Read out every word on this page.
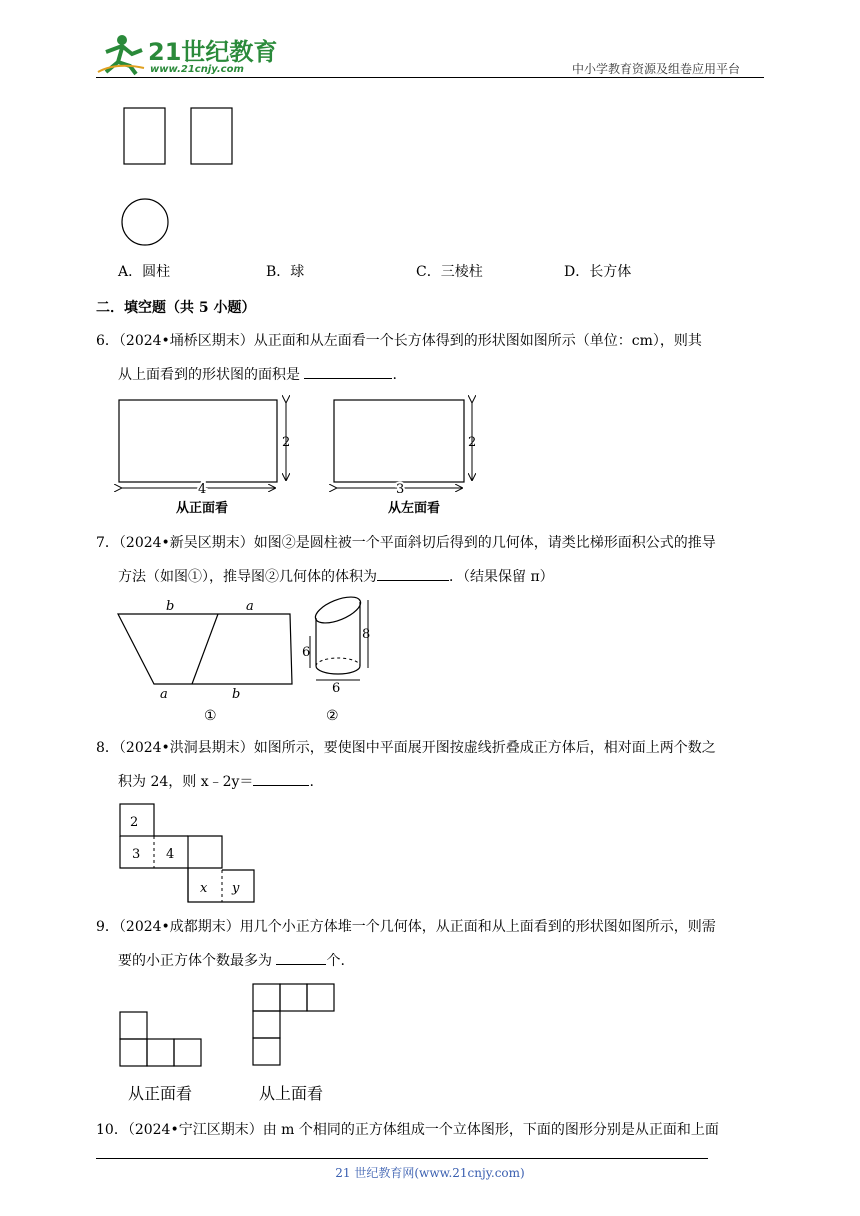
21世纪教育
www.21cnjy.com	中小学教育资源及组卷应用平台
A．圆柱	B．球	C．三棱柱	D．长方体
二．填空题（共 5 小题）
6．（2024•埇桥区期末）从正面和从左面看一个长方体得到的形状图如图所示（单位：cm），则其
从上面看到的形状图的面积是	.
2
4
从正面看
2
3
从左面看
7．（2024•新吴区期末）如图②是圆柱被一个平面斜切后得到的几何体，请类比梯形面积公式的推导
方法（如图①），推导图②几何体的体积为	．（结果保留 π）
b	a
a	b
①
6
8
6
②
8．（2024•洪洞县期末）如图所示，要使图中平面展开图按虚线折叠成正方体后，相对面上两个数之
积为 24，则 x﹣2y＝	.
2
3 4
x y
9．（2024•成都期末）用几个小正方体堆一个几何体，从正面和从上面看到的形状图如图所示，则需
要的小正方体个数最多为	个.
从正面看	从上面看
10．（2024•宁江区期末）由 m 个相同的正方体组成一个立体图形，下面的图形分别是从正面和上面
21 世纪教育网(www.21cnjy.com)
